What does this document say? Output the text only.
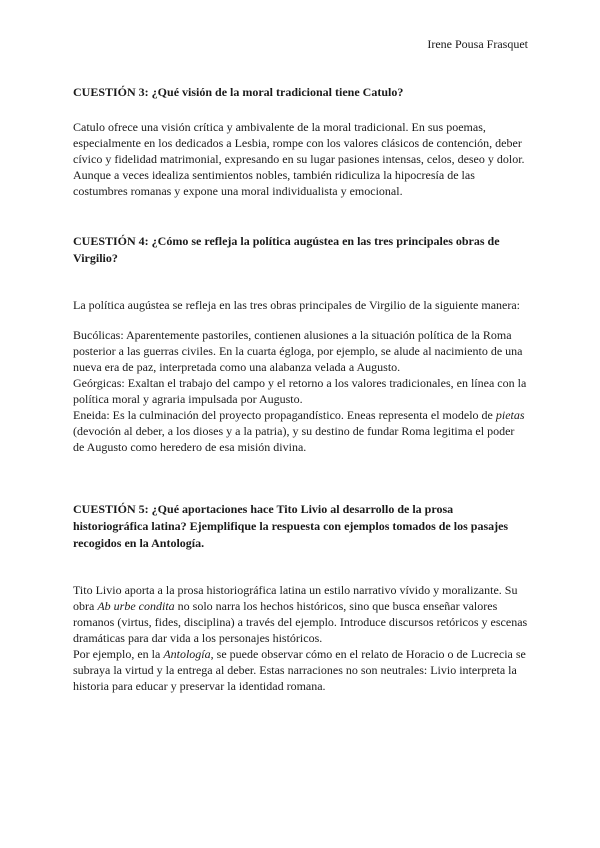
Irene Pousa Frasquet

CUESTIÓN 3: ¿Qué visión de la moral tradicional tiene Catulo?

Catulo ofrece una visión crítica y ambivalente de la moral tradicional. En sus poemas, especialmente en los dedicados a Lesbia, rompe con los valores clásicos de contención, deber cívico y fidelidad matrimonial, expresando en su lugar pasiones intensas, celos, deseo y dolor. Aunque a veces idealiza sentimientos nobles, también ridiculiza la hipocresía de las costumbres romanas y expone una moral individualista y emocional.

CUESTIÓN 4: ¿Cómo se refleja la política augústea en las tres principales obras de Virgilio?

La política augústea se refleja en las tres obras principales de Virgilio de la siguiente manera:

Bucólicas: Aparentemente pastoriles, contienen alusiones a la situación política de la Roma posterior a las guerras civiles. En la cuarta égloga, por ejemplo, se alude al nacimiento de una nueva era de paz, interpretada como una alabanza velada a Augusto.

Geórgicas: Exaltan el trabajo del campo y el retorno a los valores tradicionales, en línea con la política moral y agraria impulsada por Augusto.

Eneida: Es la culminación del proyecto propagandístico. Eneas representa el modelo de pietas (devoción al deber, a los dioses y a la patria), y su destino de fundar Roma legitima el poder de Augusto como heredero de esa misión divina.

CUESTIÓN 5: ¿Qué aportaciones hace Tito Livio al desarrollo de la prosa historiográfica latina? Ejemplifique la respuesta con ejemplos tomados de los pasajes recogidos en la Antología.

Tito Livio aporta a la prosa historiográfica latina un estilo narrativo vívido y moralizante. Su obra Ab urbe condita no solo narra los hechos históricos, sino que busca enseñar valores romanos (virtus, fides, disciplina) a través del ejemplo. Introduce discursos retóricos y escenas dramáticas para dar vida a los personajes históricos.

Por ejemplo, en la Antología, se puede observar cómo en el relato de Horacio o de Lucrecia se subraya la virtud y la entrega al deber. Estas narraciones no son neutrales: Livio interpreta la historia para educar y preservar la identidad romana.
